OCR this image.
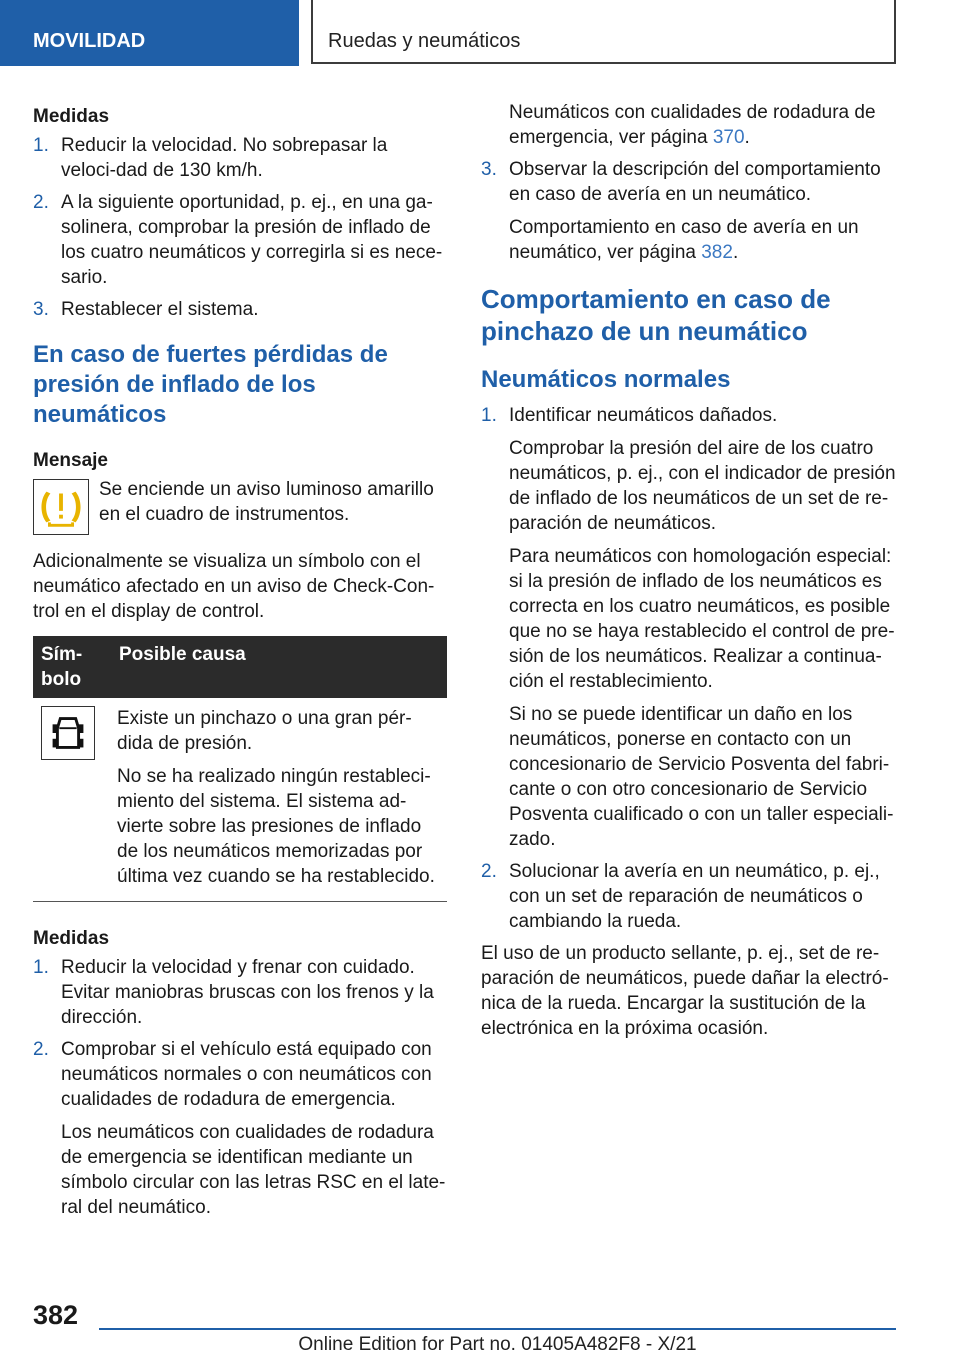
MOVILIDAD	Ruedas y neumáticos
Medidas
1. Reducir la velocidad. No sobrepasar la veloci‐dad de 130 km/h.
2. A la siguiente oportunidad, p. ej., en una ga‐solinera, comprobar la presión de inflado de los cuatro neumáticos y corregirla si es nece‐sario.
3. Restablecer el sistema.
En caso de fuertes pérdidas de presión de inflado de los neumáticos
Mensaje
Se enciende un aviso luminoso amarillo en el cuadro de instrumentos.
Adicionalmente se visualiza un símbolo con el neumático afectado en un aviso de Check-Con‐trol en el display de control.
Sím‐bolo	Posible causa

Existe un pinchazo o una gran pér‐dida de presión.
No se ha realizado ningún restableci‐miento del sistema. El sistema ad‐vierte sobre las presiones de inflado de los neumáticos memorizadas por última vez cuando se ha restablecido.
Medidas
1. Reducir la velocidad y frenar con cuidado. Evitar maniobras bruscas con los frenos y la dirección.
2. Comprobar si el vehículo está equipado con neumáticos normales o con neumáticos con cualidades de rodadura de emergencia.
Los neumáticos con cualidades de rodadura de emergencia se identifican mediante un símbolo circular con las letras RSC en el late‐ral del neumático.
Neumáticos con cualidades de rodadura de emergencia, ver página 370.
3. Observar la descripción del comportamiento en caso de avería en un neumático.
Comportamiento en caso de avería en un neumático, ver página 382.
Comportamiento en caso de pinchazo de un neumático
Neumáticos normales
1. Identificar neumáticos dañados.
Comprobar la presión del aire de los cuatro neumáticos, p. ej., con el indicador de presión de inflado de los neumáticos de un set de re‐paración de neumáticos.
Para neumáticos con homologación especial: si la presión de inflado de los neumáticos es correcta en los cuatro neumáticos, es posible que no se haya restablecido el control de pre‐sión de los neumáticos. Realizar a continua‐ción el restablecimiento.
Si no se puede identificar un daño en los neumáticos, ponerse en contacto con un concesionario de Servicio Posventa del fabri‐cante o con otro concesionario de Servicio Posventa cualificado o con un taller especiali‐zado.
2. Solucionar la avería en un neumático, p. ej., con un set de reparación de neumáticos o cambiando la rueda.
El uso de un producto sellante, p. ej., set de re‐paración de neumáticos, puede dañar la electró‐nica de la rueda. Encargar la sustitución de la electrónica en la próxima ocasión.
382
Online Edition for Part no. 01405A482F8 - X/21
